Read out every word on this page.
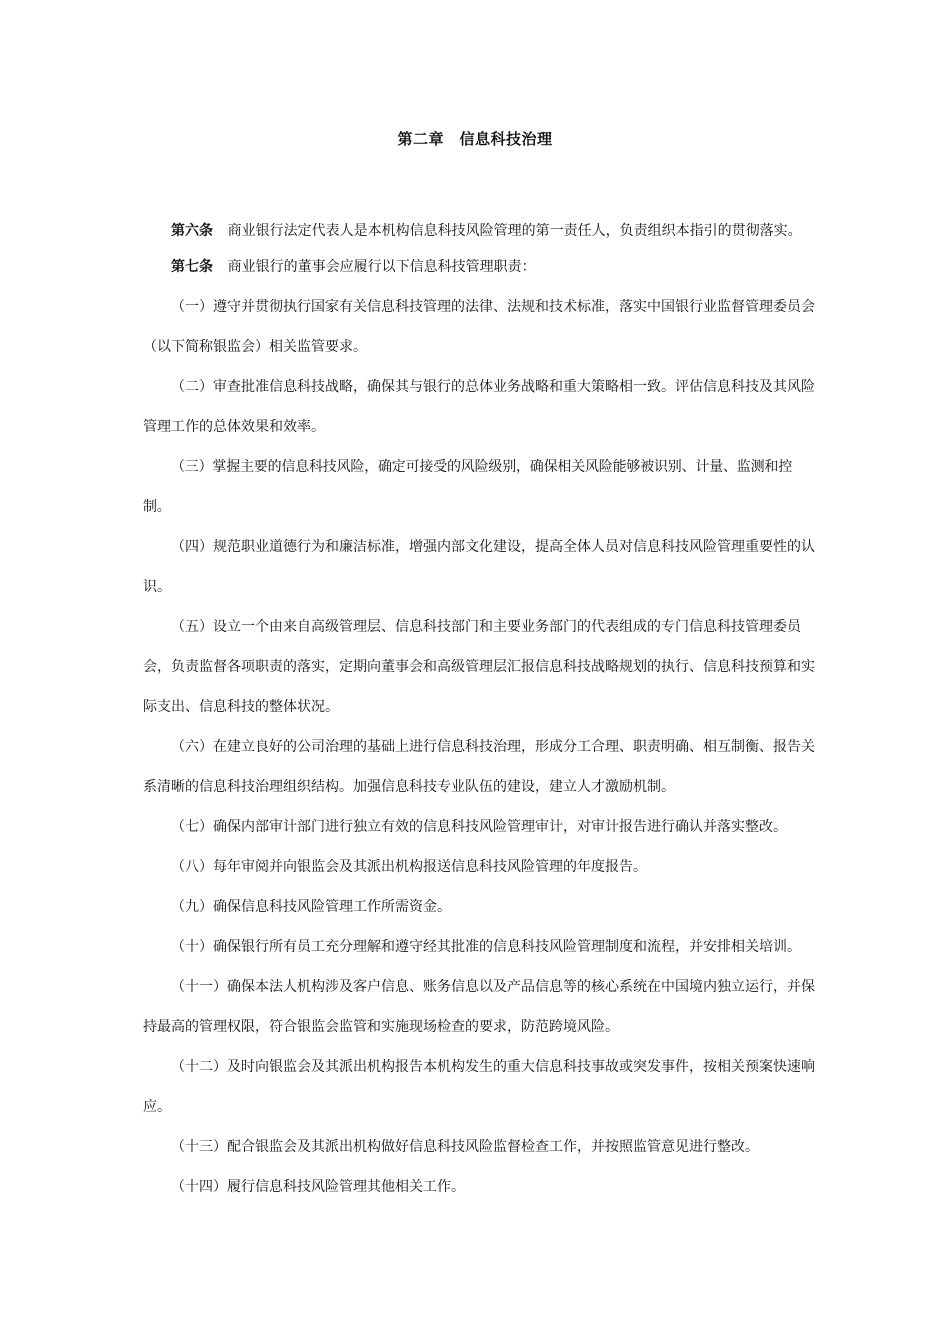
第二章　信息科技治理
第六条 商业银行法定代表人是本机构信息科技风险管理的第一责任人，负责组织本指引的贯彻落实。
第七条 商业银行的董事会应履行以下信息科技管理职责：

（一）遵守并贯彻执行国家有关信息科技管理的法律、法规和技术标准，落实中国银行业监督管理委员会（以下简称银监会）相关监管要求。

（二）审查批准信息科技战略，确保其与银行的总体业务战略和重大策略相一致。评估信息科技及其风险管理工作的总体效果和效率。

（三）掌握主要的信息科技风险，确定可接受的风险级别，确保相关风险能够被识别、计量、监测和控制。

（四）规范职业道德行为和廉洁标准，增强内部文化建设，提高全体人员对信息科技风险管理重要性的认识。

（五）设立一个由来自高级管理层、信息科技部门和主要业务部门的代表组成的专门信息科技管理委员会，负责监督各项职责的落实，定期向董事会和高级管理层汇报信息科技战略规划的执行、信息科技预算和实际支出、信息科技的整体状况。

（六）在建立良好的公司治理的基础上进行信息科技治理，形成分工合理、职责明确、相互制衡、报告关系清晰的信息科技治理组织结构。加强信息科技专业队伍的建设，建立人才激励机制。

（七）确保内部审计部门进行独立有效的信息科技风险管理审计，对审计报告进行确认并落实整改。

（八）每年审阅并向银监会及其派出机构报送信息科技风险管理的年度报告。

（九）确保信息科技风险管理工作所需资金。

（十）确保银行所有员工充分理解和遵守经其批准的信息科技风险管理制度和流程，并安排相关培训。

（十一）确保本法人机构涉及客户信息、账务信息以及产品信息等的核心系统在中国境内独立运行，并保持最高的管理权限，符合银监会监管和实施现场检查的要求，防范跨境风险。

（十二）及时向银监会及其派出机构报告本机构发生的重大信息科技事故或突发事件，按相关预案快速响应。

（十三）配合银监会及其派出机构做好信息科技风险监督检查工作，并按照监管意见进行整改。

（十四）履行信息科技风险管理其他相关工作。
